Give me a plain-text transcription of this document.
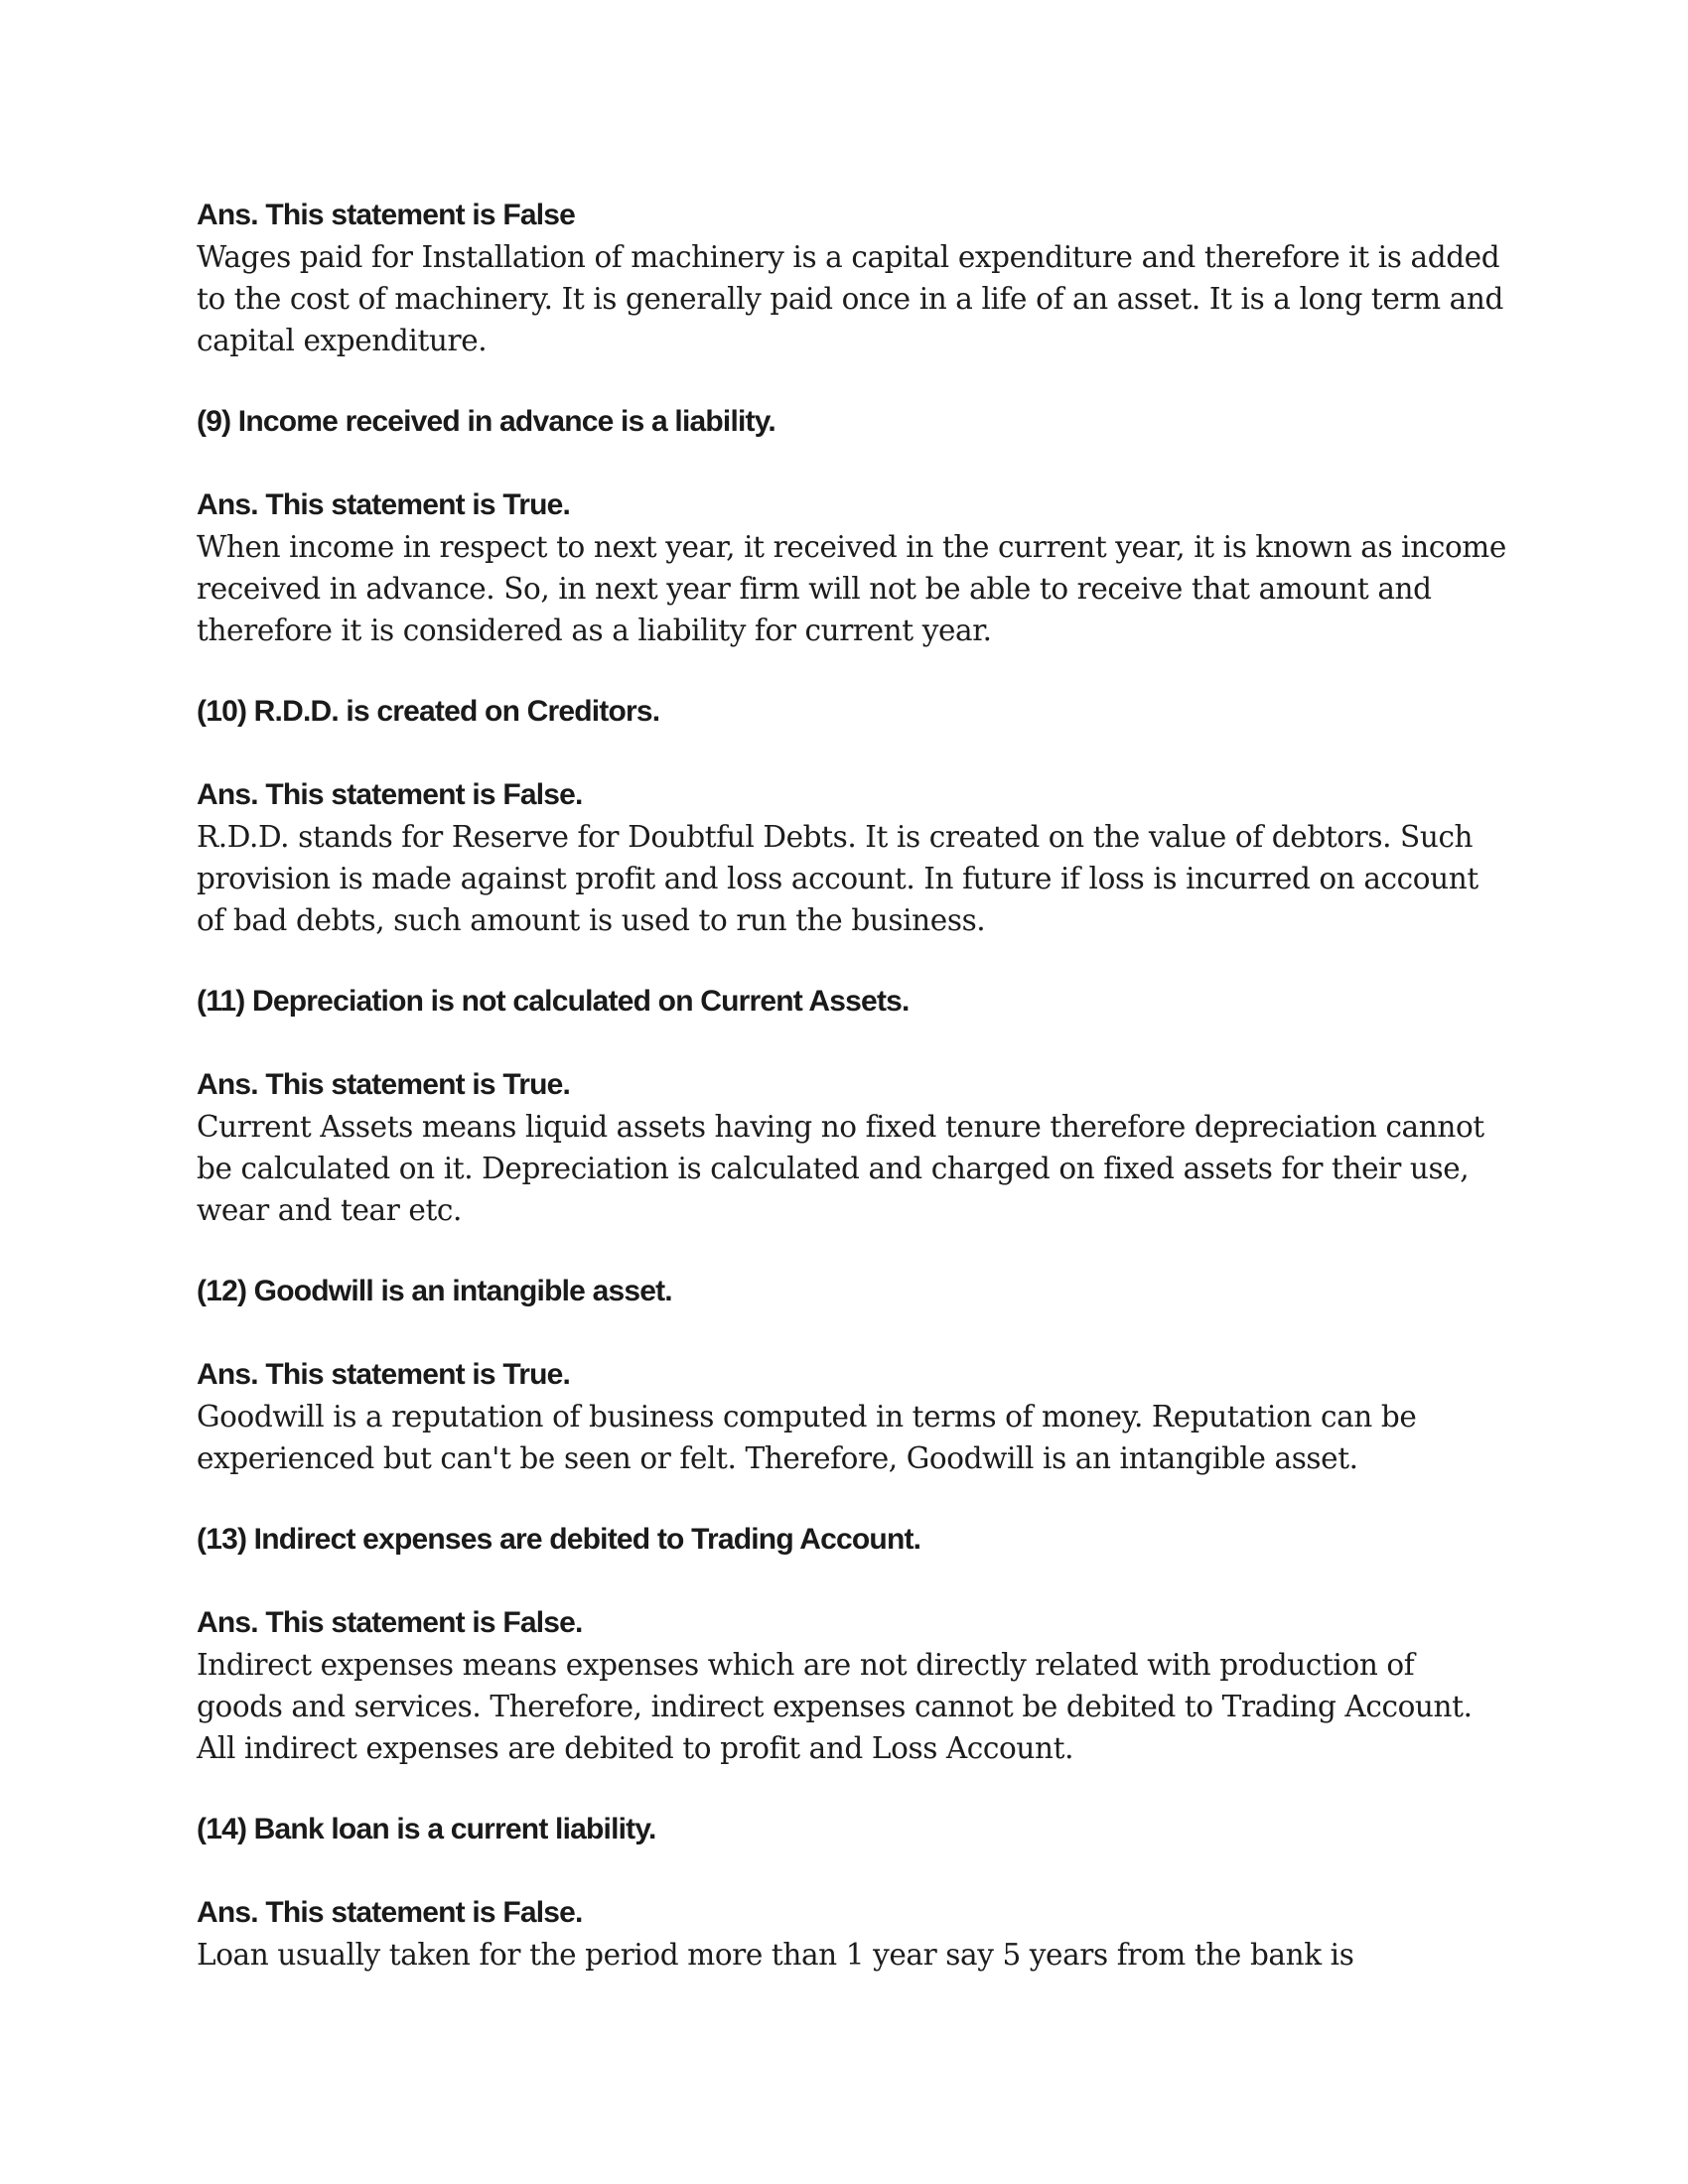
Ans. This statement is False

Wages paid for Installation of machinery is a capital expenditure and therefore it is added to the cost of machinery. It is generally paid once in a life of an asset. It is a long term and capital expenditure.

(9) Income received in advance is a liability.

Ans. This statement is True.

When income in respect to next year, it received in the current year, it is known as income received in advance. So, in next year firm will not be able to receive that amount and therefore it is considered as a liability for current year.

(10) R.D.D. is created on Creditors.

Ans. This statement is False.

R.D.D. stands for Reserve for Doubtful Debts. It is created on the value of debtors. Such provision is made against profit and loss account. In future if loss is incurred on account of bad debts, such amount is used to run the business.

(11) Depreciation is not calculated on Current Assets.

Ans. This statement is True.

Current Assets means liquid assets having no fixed tenure therefore depreciation cannot be calculated on it. Depreciation is calculated and charged on fixed assets for their use, wear and tear etc.

(12) Goodwill is an intangible asset.

Ans. This statement is True.

Goodwill is a reputation of business computed in terms of money. Reputation can be experienced but can't be seen or felt. Therefore, Goodwill is an intangible asset.

(13) Indirect expenses are debited to Trading Account.

Ans. This statement is False.

Indirect expenses means expenses which are not directly related with production of goods and services. Therefore, indirect expenses cannot be debited to Trading Account. All indirect expenses are debited to profit and Loss Account.

(14) Bank loan is a current liability.

Ans. This statement is False.

Loan usually taken for the period more than 1 year say 5 years from the bank is
